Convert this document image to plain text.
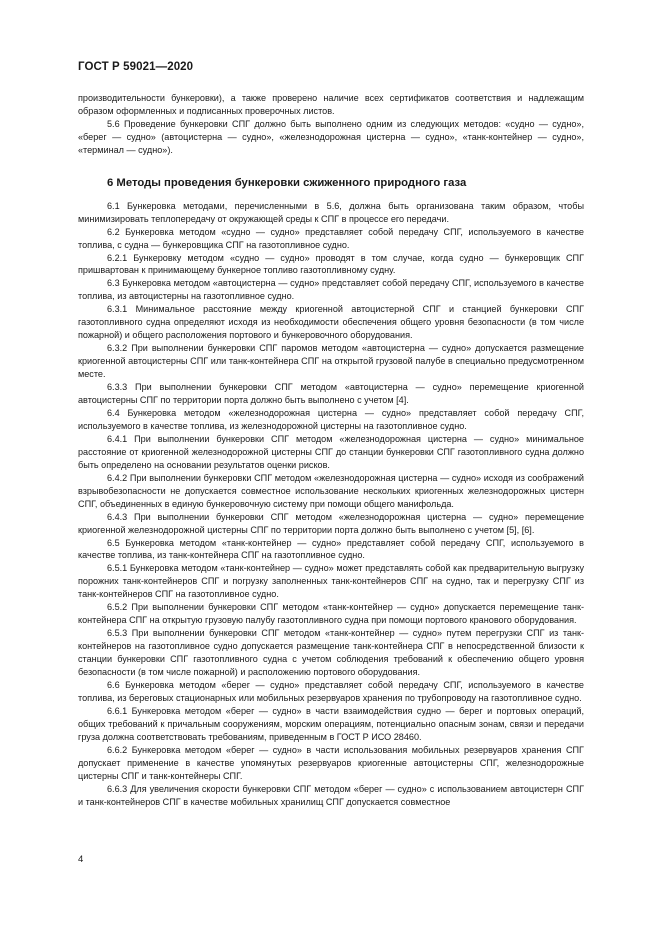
ГОСТ Р 59021—2020

производительности бункеровки), а также проверено наличие всех сертификатов соответствия и надлежащим образом оформленных и подписанных проверочных листов.

5.6 Проведение бункеровки СПГ должно быть выполнено одним из следующих методов: «судно — судно», «берег — судно» (автоцистерна — судно», «железнодорожная цистерна — судно», «танк-контейнер — судно», «терминал — судно»).

6 Методы проведения бункеровки сжиженного природного газа

6.1 Бункеровка методами, перечисленными в 5.6, должна быть организована таким образом, чтобы минимизировать теплопередачу от окружающей среды к СПГ в процессе его передачи.

6.2 Бункеровка методом «судно — судно» представляет собой передачу СПГ, используемого в качестве топлива, с судна — бункеровщика СПГ на газотопливное судно.

6.2.1 Бункеровку методом «судно — судно» проводят в том случае, когда судно — бункеровщик СПГ пришвартован к принимающему бункерное топливо газотопливному судну.

6.3 Бункеровка методом «автоцистерна — судно» представляет собой передачу СПГ, используемого в качестве топлива, из автоцистерны на газотопливное судно.

6.3.1 Минимальное расстояние между криогенной автоцистерной СПГ и станцией бункеровки СПГ газотопливного судна определяют исходя из необходимости обеспечения общего уровня безопасности (в том числе пожарной) и общего расположения портового и бункеровочного оборудования.

6.3.2 При выполнении бункеровки СПГ паромов методом «автоцистерна — судно» допускается размещение криогенной автоцистерны СПГ или танк-контейнера СПГ на открытой грузовой палубе в специально предусмотренном месте.

6.3.3 При выполнении бункеровки СПГ методом «автоцистерна — судно» перемещение криогенной автоцистерны СПГ по территории порта должно быть выполнено с учетом [4].

6.4 Бункеровка методом «железнодорожная цистерна — судно» представляет собой передачу СПГ, используемого в качестве топлива, из железнодорожной цистерны на газотопливное судно.

6.4.1 При выполнении бункеровки СПГ методом «железнодорожная цистерна — судно» минимальное расстояние от криогенной железнодорожной цистерны СПГ до станции бункеровки СПГ газотопливного судна должно быть определено на основании результатов оценки рисков.

6.4.2 При выполнении бункеровки СПГ методом «железнодорожная цистерна — судно» исходя из соображений взрывобезопасности не допускается совместное использование нескольких криогенных железнодорожных цистерн СПГ, объединенных в единую бункеровочную систему при помощи общего манифольда.

6.4.3 При выполнении бункеровки СПГ методом «железнодорожная цистерна — судно» перемещение криогенной железнодорожной цистерны СПГ по территории порта должно быть выполнено с учетом [5], [6].

6.5 Бункеровка методом «танк-контейнер — судно» представляет собой передачу СПГ, используемого в качестве топлива, из танк-контейнера СПГ на газотопливное судно.

6.5.1 Бункеровка методом «танк-контейнер — судно» может представлять собой как предварительную выгрузку порожних танк-контейнеров СПГ и погрузку заполненных танк-контейнеров СПГ на судно, так и перегрузку СПГ из танк-контейнеров СПГ на газотопливное судно.

6.5.2 При выполнении бункеровки СПГ методом «танк-контейнер — судно» допускается перемещение танк-контейнера СПГ на открытую грузовую палубу газотопливного судна при помощи портового кранового оборудования.

6.5.3 При выполнении бункеровки СПГ методом «танк-контейнер — судно» путем перегрузки СПГ из танк-контейнеров на газотопливное судно допускается размещение танк-контейнера СПГ в непосредственной близости к станции бункеровки СПГ газотопливного судна с учетом соблюдения требований к обеспечению общего уровня безопасности (в том числе пожарной) и расположению портового оборудования.

6.6 Бункеровка методом «берег — судно» представляет собой передачу СПГ, используемого в качестве топлива, из береговых стационарных или мобильных резервуаров хранения по трубопроводу на газотопливное судно.

6.6.1 Бункеровка методом «берег — судно» в части взаимодействия судно — берег и портовых операций, общих требований к причальным сооружениям, морским операциям, потенциально опасным зонам, связи и передачи груза должна соответствовать требованиям, приведенным в ГОСТ Р ИСО 28460.

6.6.2 Бункеровка методом «берег — судно» в части использования мобильных резервуаров хранения СПГ допускает применение в качестве упомянутых резервуаров криогенные автоцистерны СПГ, железнодорожные цистерны СПГ и танк-контейнеры СПГ.

6.6.3 Для увеличения скорости бункеровки СПГ методом «берег — судно» с использованием автоцистерн СПГ и танк-контейнеров СПГ в качестве мобильных хранилищ СПГ допускается совместное

4
